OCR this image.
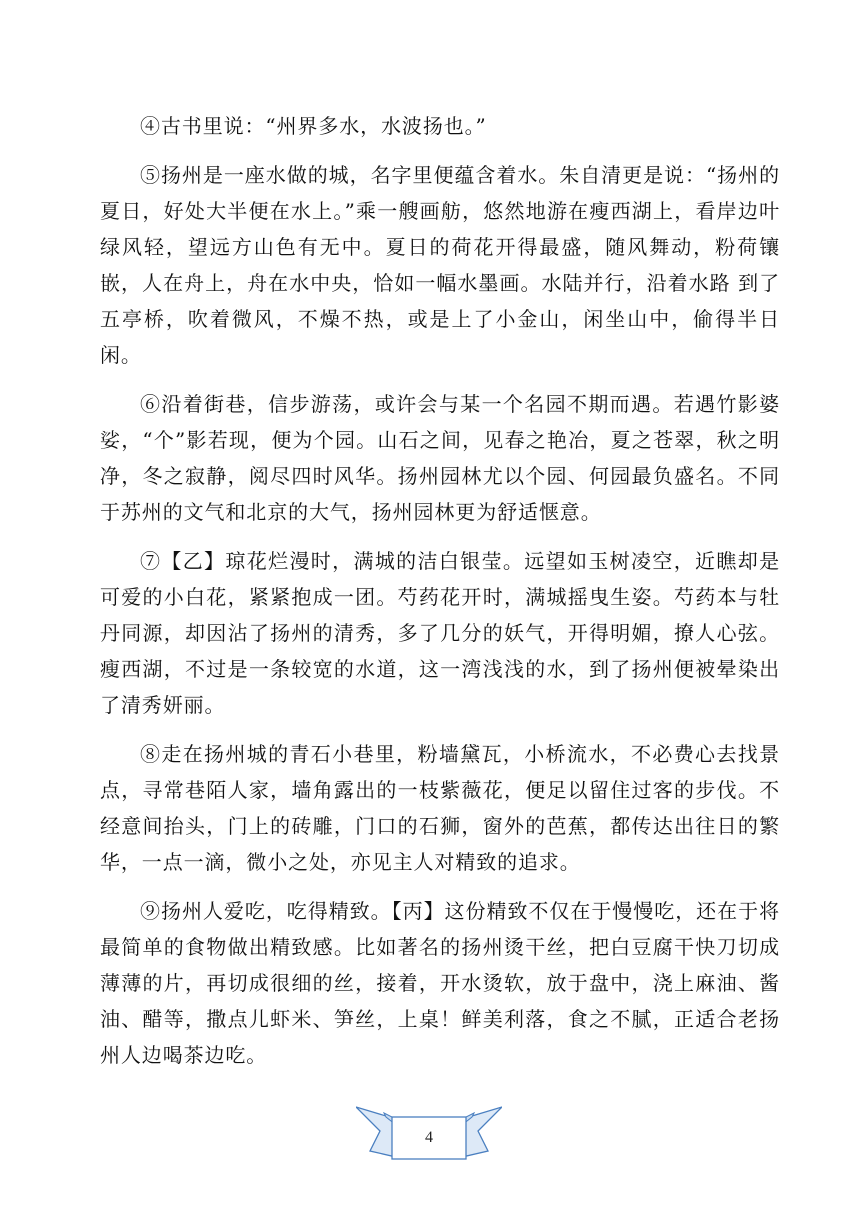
④古书里说：“州界多水，水波扬也。”

⑤扬州是一座水做的城，名字里便蕴含着水。朱自清更是说：“扬州的夏日，好处大半便在水上。”乘一艘画舫，悠然地游在瘦西湖上，看岸边叶绿风轻，望远方山色有无中。夏日的荷花开得最盛，随风舞动，粉荷镶嵌，人在舟上，舟在水中央，恰如一幅水墨画。水陆并行，沿着水路 到了五亭桥，吹着微风，不燥不热，或是上了小金山，闲坐山中，偷得半日闲。

⑥沿着街巷，信步游荡，或许会与某一个名园不期而遇。若遇竹影婆娑，“个”影若现，便为个园。山石之间，见春之艳冶，夏之苍翠，秋之明净，冬之寂静，阅尽四时风华。扬州园林尤以个园、何园最负盛名。不同于苏州的文气和北京的大气，扬州园林更为舒适惬意。

⑦【乙】琼花烂漫时，满城的洁白银莹。远望如玉树凌空，近瞧却是可爱的小白花，紧紧抱成一团。芍药花开时，满城摇曳生姿。芍药本与牡丹同源，却因沾了扬州的清秀，多了几分的妖气，开得明媚，撩人心弦。瘦西湖，不过是一条较宽的水道，这一湾浅浅的水，到了扬州便被晕染出了清秀妍丽。

⑧走在扬州城的青石小巷里，粉墙黛瓦，小桥流水，不必费心去找景点，寻常巷陌人家，墙角露出的一枝紫薇花，便足以留住过客的步伐。不经意间抬头，门上的砖雕，门口的石狮，窗外的芭蕉，都传达出往日的繁华，一点一滴，微小之处，亦见主人对精致的追求。

⑨扬州人爱吃，吃得精致。【丙】这份精致不仅在于慢慢吃，还在于将最简单的食物做出精致感。比如著名的扬州烫干丝，把白豆腐干快刀切成薄薄的片，再切成很细的丝，接着，开水烫软，放于盘中，浇上麻油、酱油、醋等，撒点儿虾米、笋丝，上桌！鲜美利落，食之不腻，正适合老扬州人边喝茶边吃。

4
